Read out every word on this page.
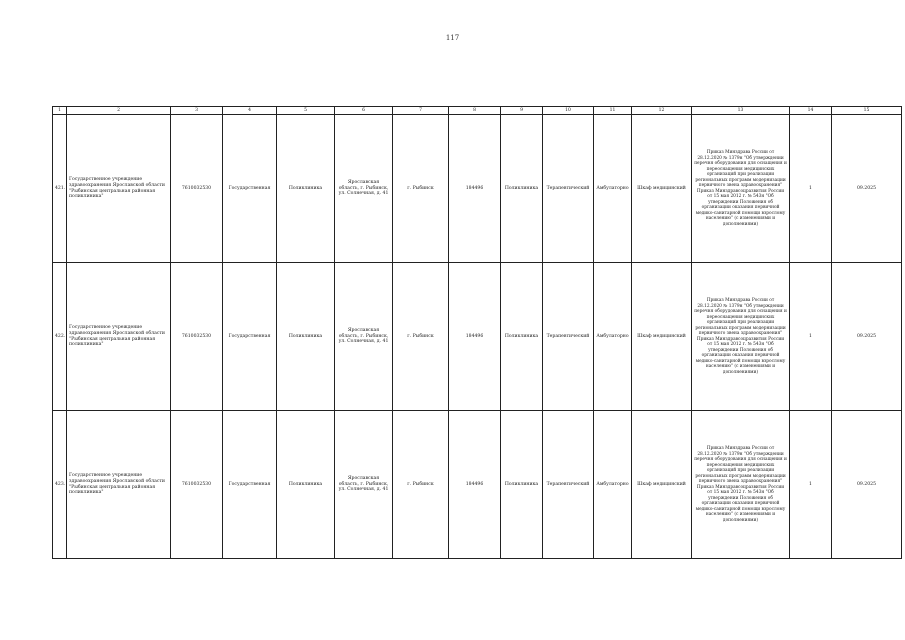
117
1	2	3	4	5	6	7	8	9	10	11	12	13	14	15
421.	Государственное учреждение здравоохранения Ярославской области "Рыбинская центральная районная поликлиника"	7610032530	Государственная	Поликлиника	Ярославская область, г. Рыбинск, ул. Солнечная, д. 41	г. Рыбинск	184496	Поликлиника	Терапевтический	Амбулаторно	Шкаф медицинский	Приказ Минздрава России от 28.12.2020 № 1379н "Об утверждении перечня оборудования для оснащения и переоснащения медицинских организаций при реализации региональных программ модернизации первичного звена здравоохранения" Приказ Минздравсоцразвития России от 15 мая 2012 г. № 543н "Об утверждении Положения об организации оказания первичной медико-санитарной помощи взрослому населению" (с изменениями и дополнениями)	1	09.2025
422.	Государственное учреждение здравоохранения Ярославской области "Рыбинская центральная районная поликлиника"	7610032530	Государственная	Поликлиника	Ярославская область, г. Рыбинск, ул. Солнечная, д. 41	г. Рыбинск	184496	Поликлиника	Терапевтический	Амбулаторно	Шкаф медицинский	Приказ Минздрава России от 28.12.2020 № 1379н "Об утверждении перечня оборудования для оснащения и переоснащения медицинских организаций при реализации региональных программ модернизации первичного звена здравоохранения" Приказ Минздравсоцразвития России от 15 мая 2012 г. № 543н "Об утверждении Положения об организации оказания первичной медико-санитарной помощи взрослому населению" (с изменениями и дополнениями)	1	09.2025
423.	Государственное учреждение здравоохранения Ярославской области "Рыбинская центральная районная поликлиника"	7610032530	Государственная	Поликлиника	Ярославская область, г. Рыбинск, ул. Солнечная, д. 41	г. Рыбинск	184496	Поликлиника	Терапевтический	Амбулаторно	Шкаф медицинский	Приказ Минздрава России от 28.12.2020 № 1379н "Об утверждении перечня оборудования для оснащения и переоснащения медицинских организаций при реализации региональных программ модернизации первичного звена здравоохранения" Приказ Минздравсоцразвития России от 15 мая 2012 г. № 543н "Об утверждении Положения об организации оказания первичной медико-санитарной помощи взрослому населению" (с изменениями и дополнениями)	1	09.2025
